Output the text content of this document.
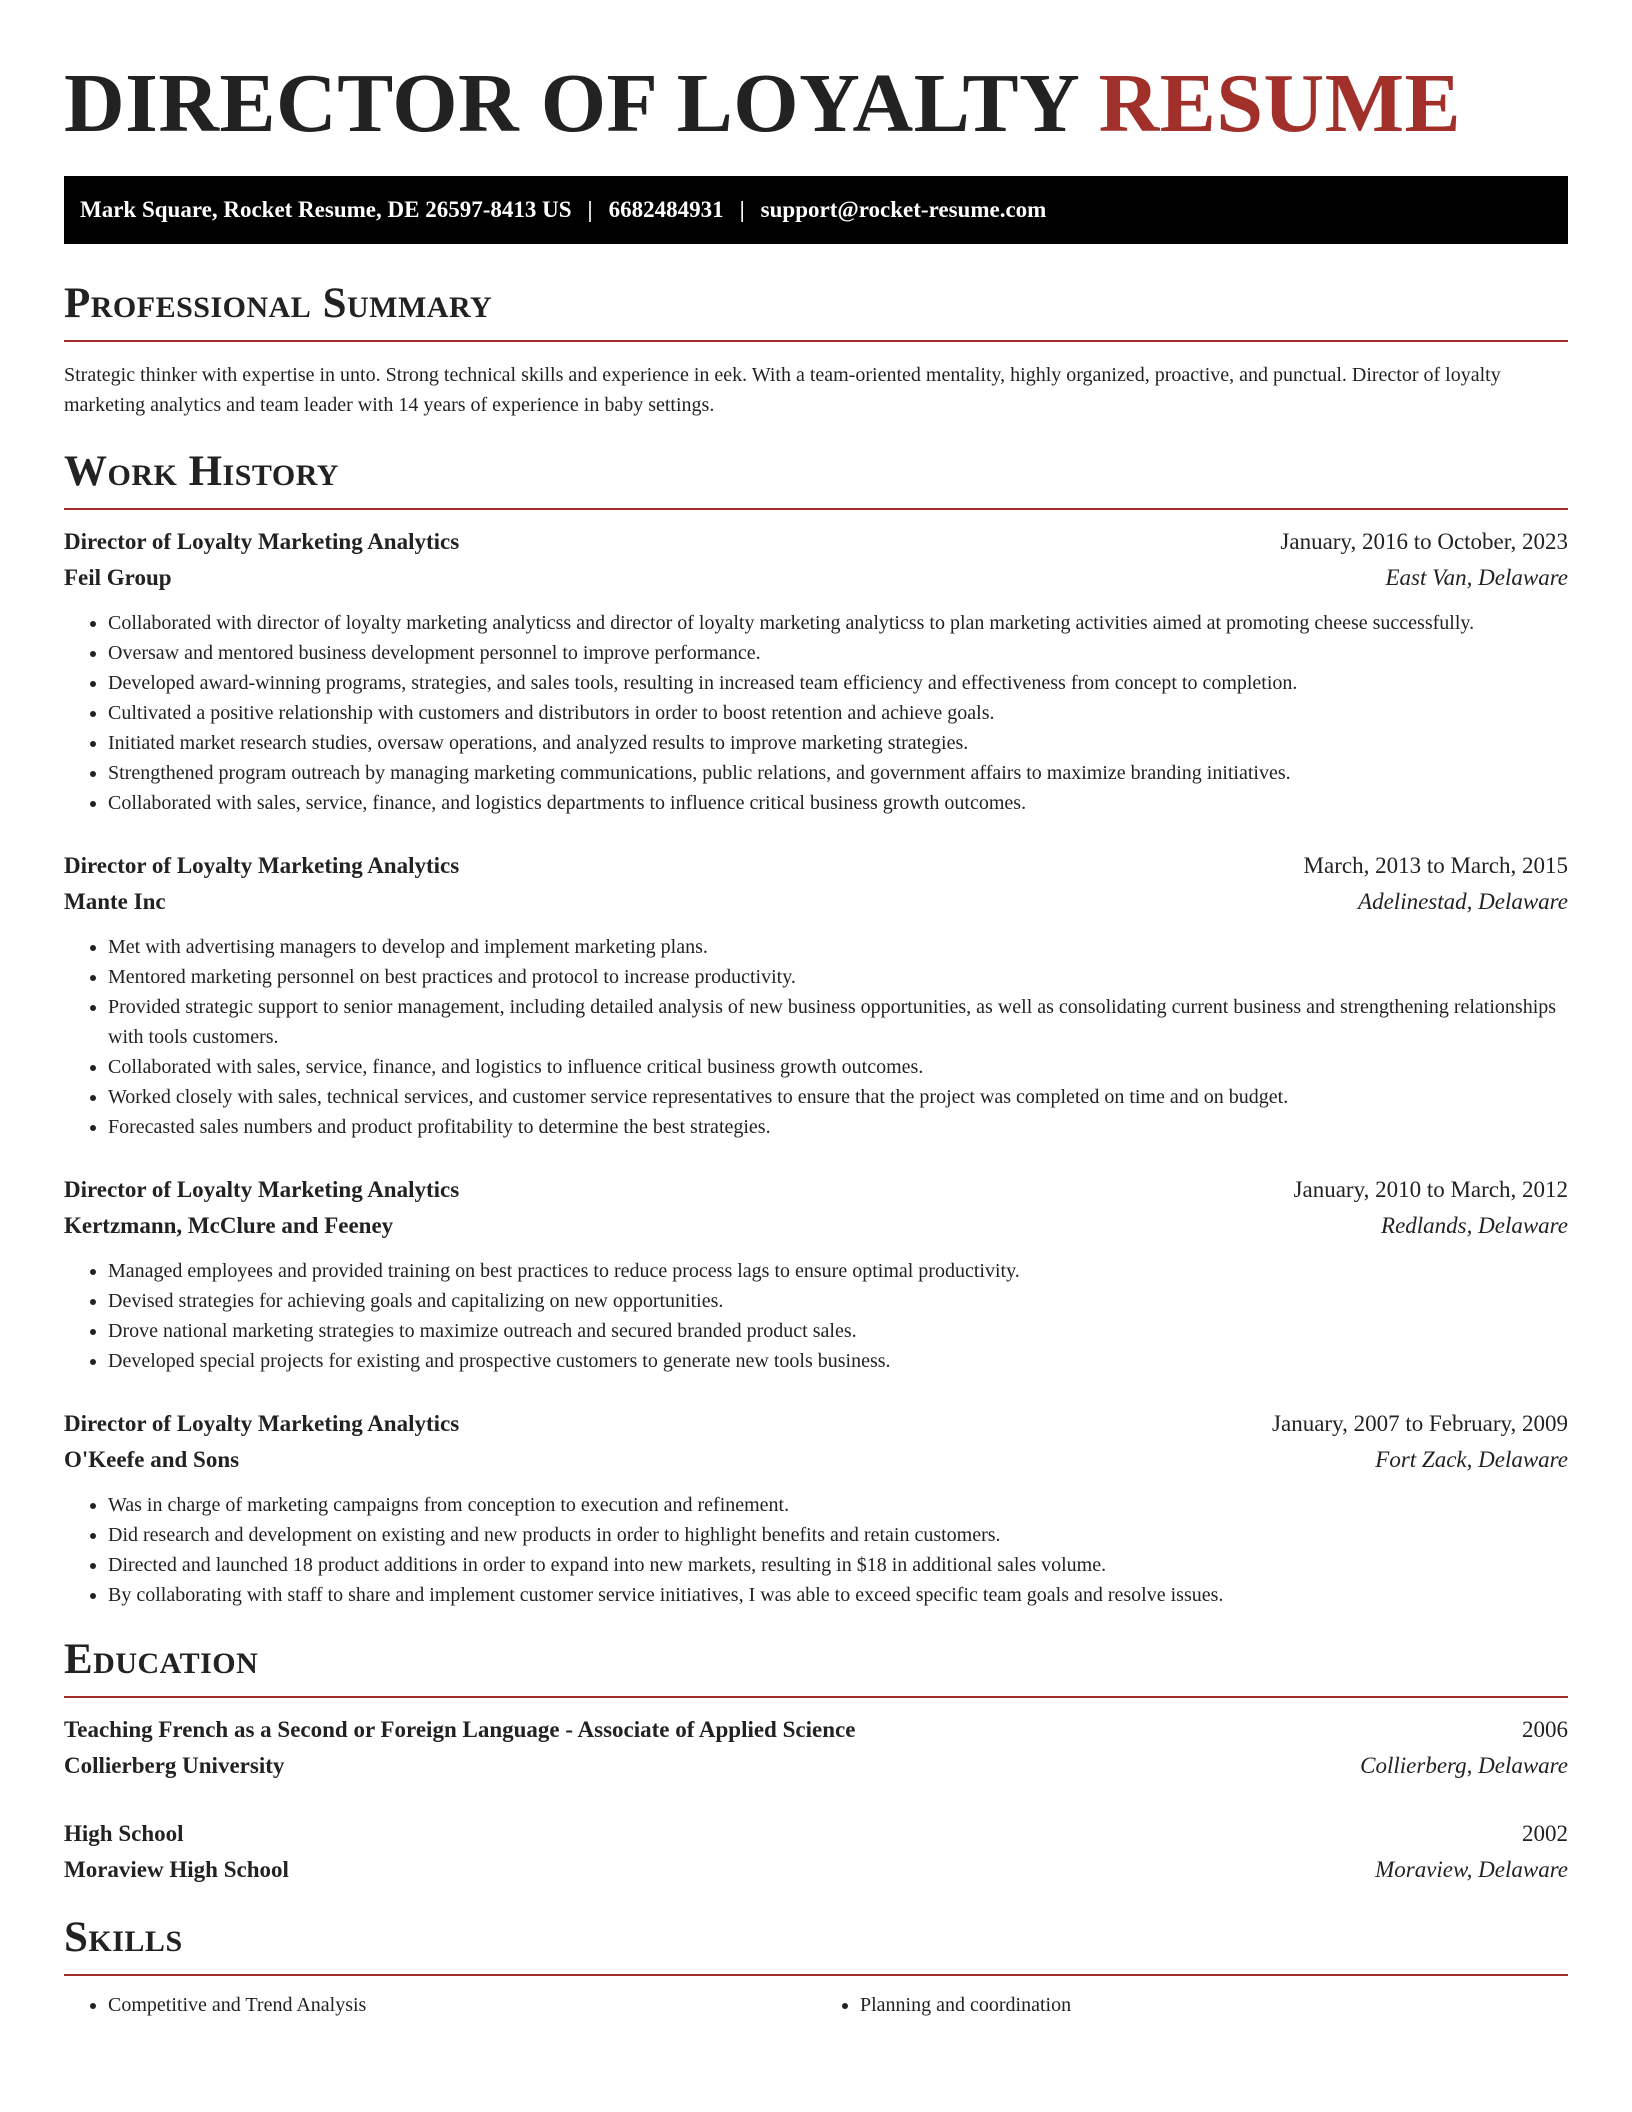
DIRECTOR OF LOYALTY RESUME
Mark Square, Rocket Resume, DE 26597-8413 US | 6682484931 | support@rocket-resume.com
Professional Summary

Strategic thinker with expertise in unto. Strong technical skills and experience in eek. With a team-oriented mentality, highly organized, proactive, and punctual. Director of loyalty marketing analytics and team leader with 14 years of experience in baby settings.

Work History
Director of Loyalty Marketing Analytics	January, 2016 to October, 2023
Feil Group	East Van, Delaware
• Collaborated with director of loyalty marketing analyticss and director of loyalty marketing analyticss to plan marketing activities aimed at promoting cheese successfully.
• Oversaw and mentored business development personnel to improve performance.
• Developed award-winning programs, strategies, and sales tools, resulting in increased team efficiency and effectiveness from concept to completion.
• Cultivated a positive relationship with customers and distributors in order to boost retention and achieve goals.
• Initiated market research studies, oversaw operations, and analyzed results to improve marketing strategies.
• Strengthened program outreach by managing marketing communications, public relations, and government affairs to maximize branding initiatives.
• Collaborated with sales, service, finance, and logistics departments to influence critical business growth outcomes.
Director of Loyalty Marketing Analytics	March, 2013 to March, 2015
Mante Inc	Adelinestad, Delaware
• Met with advertising managers to develop and implement marketing plans.
• Mentored marketing personnel on best practices and protocol to increase productivity.
• Provided strategic support to senior management, including detailed analysis of new business opportunities, as well as consolidating current business and strengthening relationships with tools customers.
• Collaborated with sales, service, finance, and logistics to influence critical business growth outcomes.
• Worked closely with sales, technical services, and customer service representatives to ensure that the project was completed on time and on budget.
• Forecasted sales numbers and product profitability to determine the best strategies.
Director of Loyalty Marketing Analytics	January, 2010 to March, 2012
Kertzmann, McClure and Feeney	Redlands, Delaware
• Managed employees and provided training on best practices to reduce process lags to ensure optimal productivity.
• Devised strategies for achieving goals and capitalizing on new opportunities.
• Drove national marketing strategies to maximize outreach and secured branded product sales.
• Developed special projects for existing and prospective customers to generate new tools business.
Director of Loyalty Marketing Analytics	January, 2007 to February, 2009
O'Keefe and Sons	Fort Zack, Delaware
• Was in charge of marketing campaigns from conception to execution and refinement.
• Did research and development on existing and new products in order to highlight benefits and retain customers.
• Directed and launched 18 product additions in order to expand into new markets, resulting in $18 in additional sales volume.
• By collaborating with staff to share and implement customer service initiatives, I was able to exceed specific team goals and resolve issues.
Education
Teaching French as a Second or Foreign Language - Associate of Applied Science	2006
Collierberg University	Collierberg, Delaware
High School	2002
Moraview High School	Moraview, Delaware
Skills
• Competitive and Trend Analysis
•	Planning and coordination
